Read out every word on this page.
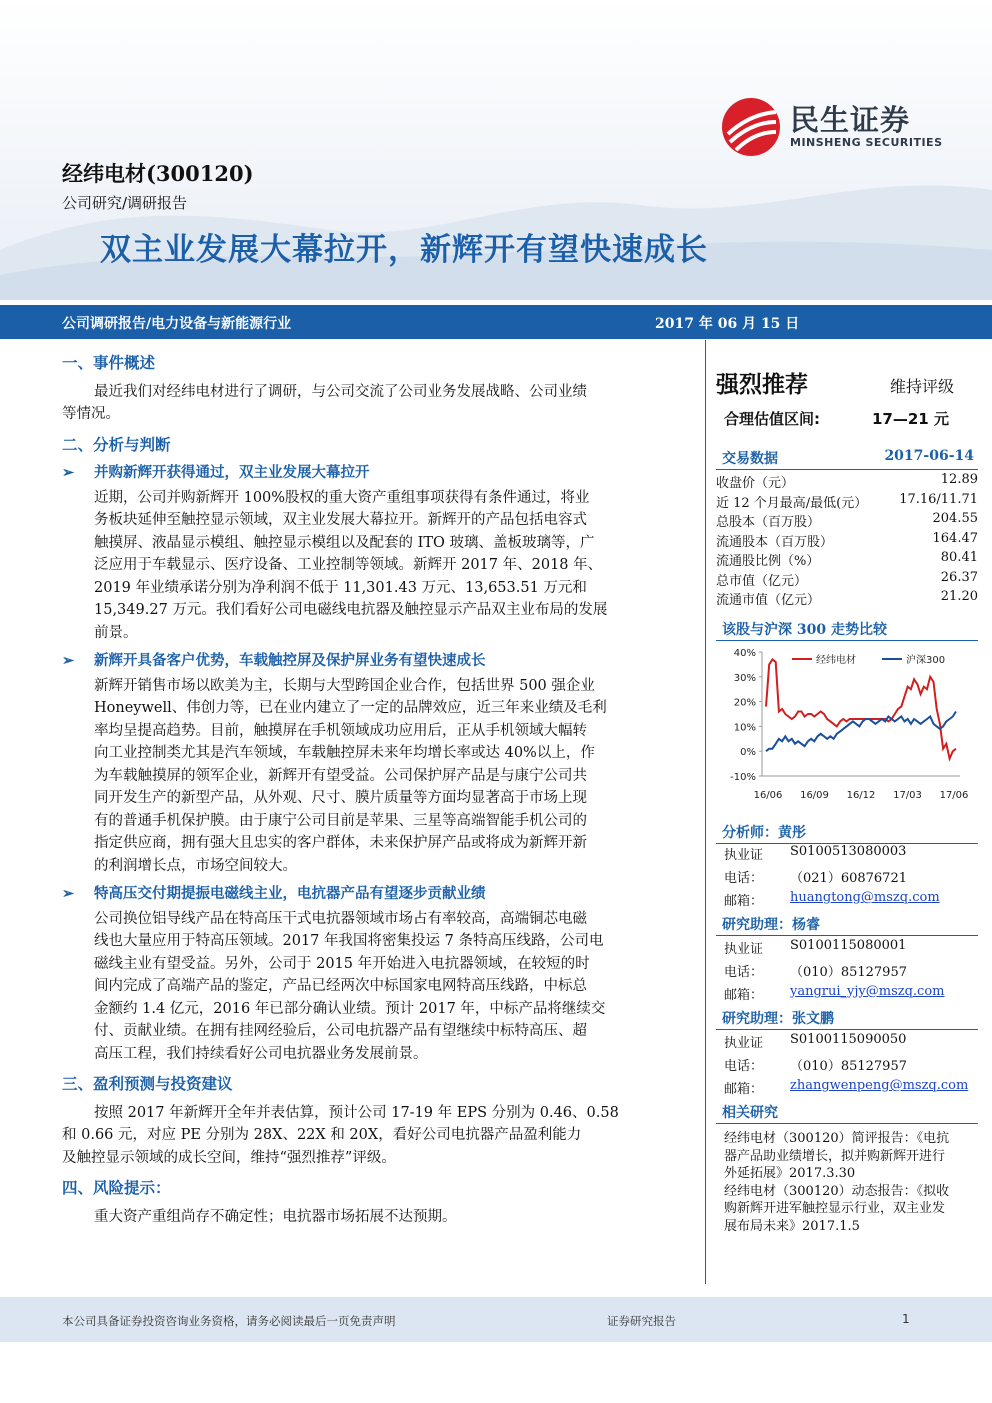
民生证券
MINSHENG SECURITIES
经纬电材(300120)
公司研究/调研报告
双主业发展大幕拉开，新辉开有望快速成长
公司调研报告/电力设备与新能源行业	2017 年 06 月 15 日
一、事件概述
最近我们对经纬电材进行了调研，与公司交流了公司业务发展战略、公司业绩
等情况。
二、分析与判断
➢ 并购新辉开获得通过，双主业发展大幕拉开
近期，公司并购新辉开 100%股权的重大资产重组事项获得有条件通过，将业
务板块延伸至触控显示领域，双主业发展大幕拉开。新辉开的产品包括电容式
触摸屏、液晶显示模组、触控显示模组以及配套的 ITO 玻璃、盖板玻璃等，广
泛应用于车载显示、医疗设备、工业控制等领域。新辉开 2017 年、2018 年、
2019 年业绩承诺分别为净利润不低于 11,301.43 万元、13,653.51 万元和
15,349.27 万元。我们看好公司电磁线电抗器及触控显示产品双主业布局的发展
前景。
➢ 新辉开具备客户优势，车载触控屏及保护屏业务有望快速成长
新辉开销售市场以欧美为主，长期与大型跨国企业合作，包括世界 500 强企业
Honeywell、伟创力等，已在业内建立了一定的品牌效应，近三年来业绩及毛利
率均呈提高趋势。目前，触摸屏在手机领域成功应用后，正从手机领域大幅转
向工业控制类尤其是汽车领域，车载触控屏未来年均增长率或达 40%以上，作
为车载触摸屏的领军企业，新辉开有望受益。公司保护屏产品是与康宁公司共
同开发生产的新型产品，从外观、尺寸、膜片质量等方面均显著高于市场上现
有的普通手机保护膜。由于康宁公司目前是苹果、三星等高端智能手机公司的
指定供应商，拥有强大且忠实的客户群体，未来保护屏产品或将成为新辉开新
的利润增长点，市场空间较大。
➢ 特高压交付期提振电磁线主业，电抗器产品有望逐步贡献业绩
公司换位铝导线产品在特高压干式电抗器领域市场占有率较高，高端铜芯电磁
线也大量应用于特高压领域。2017 年我国将密集投运 7 条特高压线路，公司电
磁线主业有望受益。另外，公司于 2015 年开始进入电抗器领域，在较短的时
间内完成了高端产品的鉴定，产品已经两次中标国家电网特高压线路，中标总
金额约 1.4 亿元，2016 年已部分确认业绩。预计 2017 年，中标产品将继续交
付、贡献业绩。在拥有挂网经验后，公司电抗器产品有望继续中标特高压、超
高压工程，我们持续看好公司电抗器业务发展前景。
三、盈利预测与投资建议
按照 2017 年新辉开全年并表估算，预计公司 17-19 年 EPS 分别为 0.46、0.58
和 0.66 元，对应 PE 分别为 28X、22X 和 20X，看好公司电抗器产品盈利能力
及触控显示领域的成长空间，维持“强烈推荐”评级。
四、风险提示：
重大资产重组尚存不确定性；电抗器市场拓展不达预期。
强烈推荐	维持评级
合理估值区间:	17—21 元
交易数据	2017-06-14
收盘价（元）	12.89
近 12 个月最高/最低(元） 17.16/11.71
总股本（百万股）	204.55
流通股本（百万股）	164.47
流通股比例（%）	80.41
总市值（亿元）	26.37
流通市值（亿元）	21.20
该股与沪深 300 走势比较
40%
30%
20%
10%
0%
-10%
16/06 16/09 16/12 17/03 17/06
经纬电材	沪深300
分析师：黄彤
执业证 S0100513080003
电话： （021）60876721
邮箱： huangtong@mszq.com
研究助理：杨睿
执业证 S0100115080001
电话： （010）85127957
邮箱： yangrui_yjy@mszq.com
研究助理：张文鹏
执业证 S0100115090050
电话： （010）85127957
邮箱： zhangwenpeng@mszq.com
相关研究
经纬电材（300120）简评报告：《电抗
器产品助业绩增长，拟并购新辉开进行
外延拓展》2017.3.30
经纬电材（300120）动态报告：《拟收
购新辉开进军触控显示行业，双主业发
展布局未来》2017.1.5
本公司具备证券投资咨询业务资格，请务必阅读最后一页免责声明	证券研究报告	1
